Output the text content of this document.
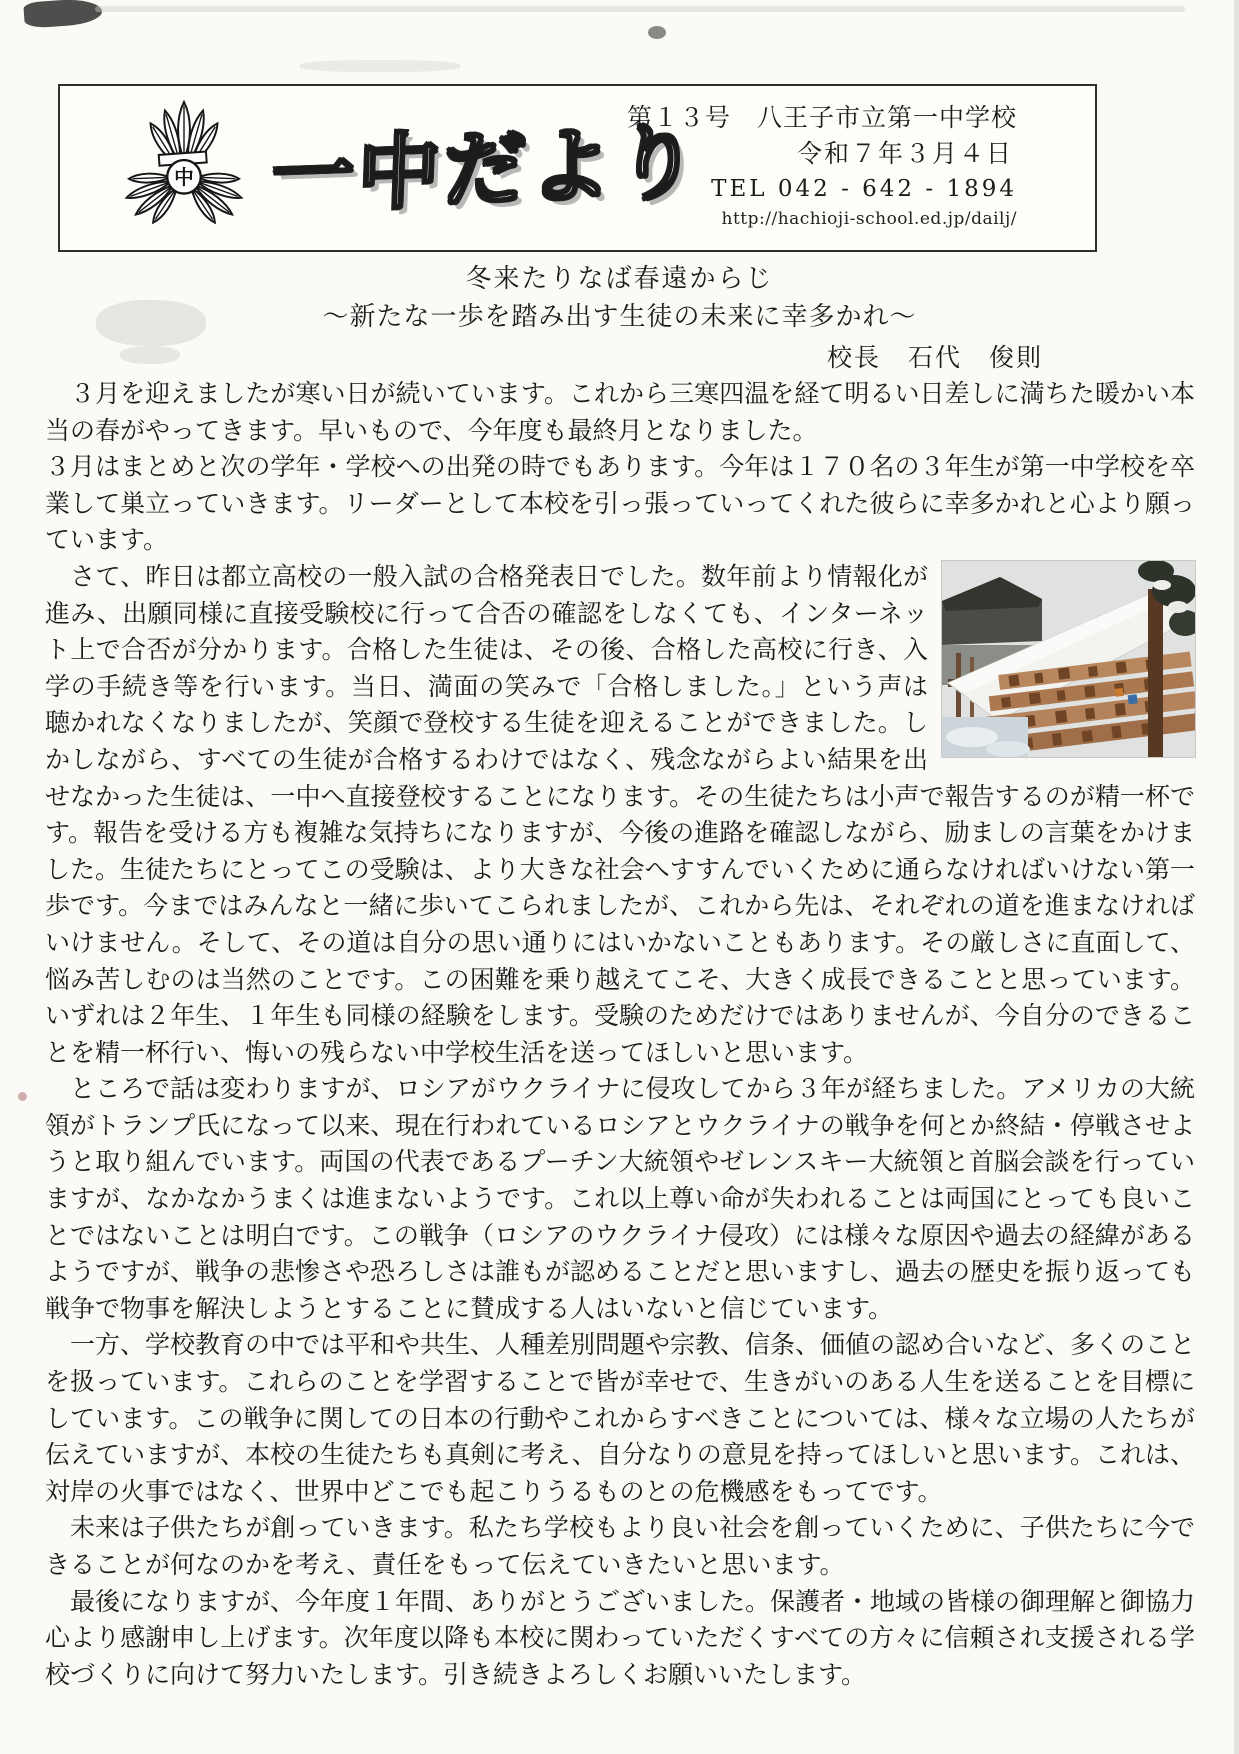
中 一中だより
第１３号　八王子市立第一中学校
令和７年３月４日
TEL 042 - 642 - 1894
http://hachioji-school.ed.jp/dailj/
冬来たりなば春遠からじ
～新たな一歩を踏み出す生徒の未来に幸多かれ～
校長　石代　俊則

　３月を迎えましたが寒い日が続いています。これから三寒四温を経て明るい日差しに満ちた暖かい本当の春がやってきます。早いもので、今年度も最終月となりました。

３月はまとめと次の学年・学校への出発の時でもあります。今年は１７０名の３年生が第一中学校を卒業して巣立っていきます。リーダーとして本校を引っ張っていってくれた彼らに幸多かれと心より願っています。

　さて、昨日は都立高校の一般入試の合格発表日でした。数年前より情報化が進み、出願同様に直接受験校に行って合否の確認をしなくても、インターネット上で合否が分かります。合格した生徒は、その後、合格した高校に行き、入学の手続き等を行います。当日、満面の笑みで「合格しました。」という声は聴かれなくなりましたが、笑顔で登校する生徒を迎えることができました。しかしながら、すべての生徒が合格するわけではなく、残念ながらよい結果を出せなかった生徒は、一中へ直接登校することになります。その生徒たちは小声で報告するのが精一杯です。報告を受ける方も複雑な気持ちになりますが、今後の進路を確認しながら、励ましの言葉をかけました。生徒たちにとってこの受験は、より大きな社会へすすんでいくために通らなければいけない第一歩です。今まではみんなと一緒に歩いてこられましたが、これから先は、それぞれの道を進まなければいけません。そして、その道は自分の思い通りにはいかないこともあります。その厳しさに直面して、悩み苦しむのは当然のことです。この困難を乗り越えてこそ、大きく成長できることと思っています。いずれは２年生、１年生も同様の経験をします。受験のためだけではありませんが、今自分のできることを精一杯行い、悔いの残らない中学校生活を送ってほしいと思います。

　ところで話は変わりますが、ロシアがウクライナに侵攻してから３年が経ちました。アメリカの大統領がトランプ氏になって以来、現在行われているロシアとウクライナの戦争を何とか終結・停戦させようと取り組んでいます。両国の代表であるプーチン大統領やゼレンスキー大統領と首脳会談を行っていますが、なかなかうまくは進まないようです。これ以上尊い命が失われることは両国にとっても良いことではないことは明白です。この戦争（ロシアのウクライナ侵攻）には様々な原因や過去の経緯があるようですが、戦争の悲惨さや恐ろしさは誰もが認めることだと思いますし、過去の歴史を振り返っても戦争で物事を解決しようとすることに賛成する人はいないと信じています。

　一方、学校教育の中では平和や共生、人種差別問題や宗教、信条、価値の認め合いなど、多くのことを扱っています。これらのことを学習することで皆が幸せで、生きがいのある人生を送ることを目標にしています。この戦争に関しての日本の行動やこれからすべきことについては、様々な立場の人たちが伝えていますが、本校の生徒たちも真剣に考え、自分なりの意見を持ってほしいと思います。これは、対岸の火事ではなく、世界中どこでも起こりうるものとの危機感をもってです。

　未来は子供たちが創っていきます。私たち学校もより良い社会を創っていくために、子供たちに今できることが何なのかを考え、責任をもって伝えていきたいと思います。

　最後になりますが、今年度１年間、ありがとうございました。保護者・地域の皆様の御理解と御協力心より感謝申し上げます。次年度以降も本校に関わっていただくすべての方々に信頼され支援される学校づくりに向けて努力いたします。引き続きよろしくお願いいたします。
